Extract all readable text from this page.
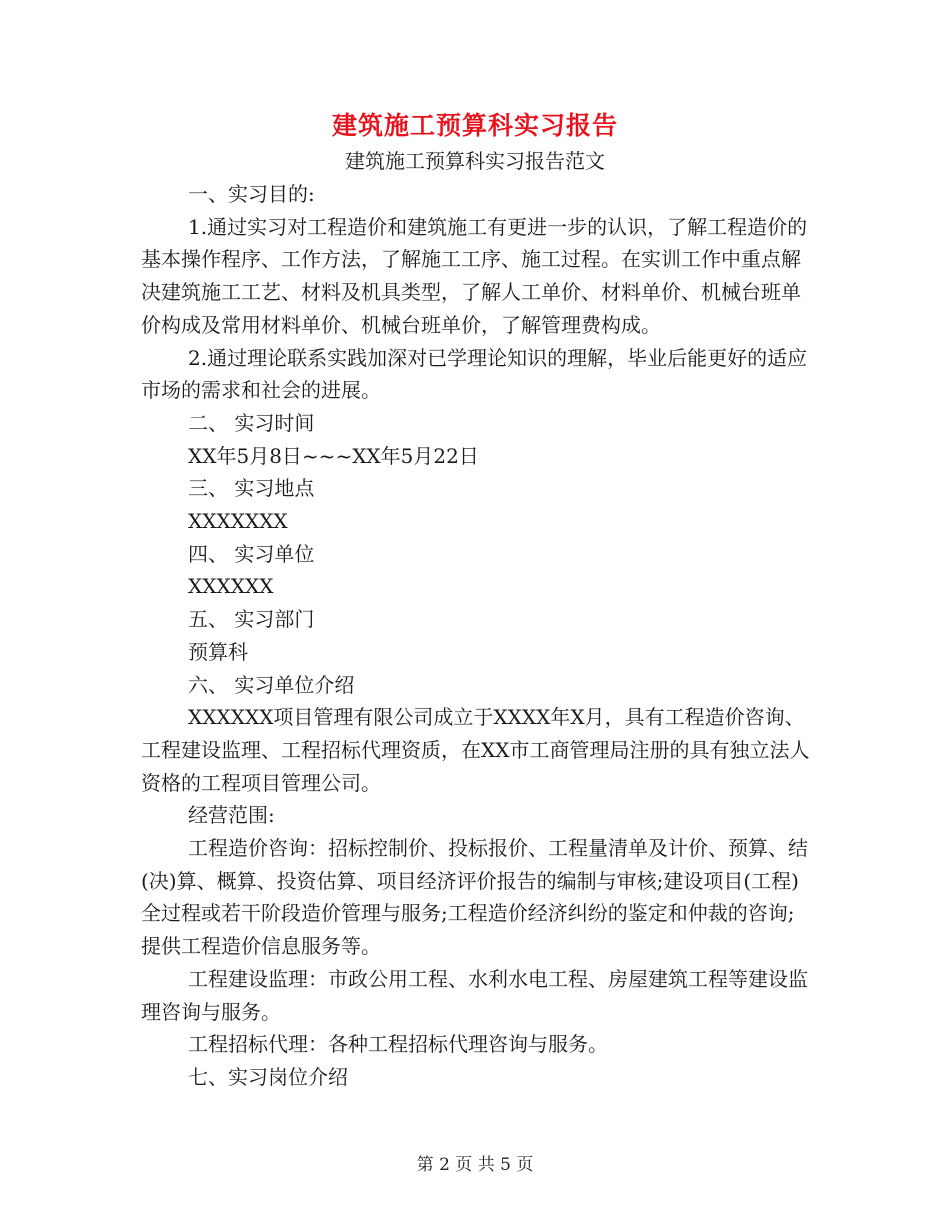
建筑施工预算科实习报告
建筑施工预算科实习报告范文

一、实习目的:

1.通过实习对工程造价和建筑施工有更进一步的认识，了解工程造价的基本操作程序、工作方法，了解施工工序、施工过程。在实训工作中重点解决建筑施工工艺、材料及机具类型，了解人工单价、材料单价、机械台班单价构成及常用材料单价、机械台班单价，了解管理费构成。

2.通过理论联系实践加深对已学理论知识的理解，毕业后能更好的适应市场的需求和社会的进展。

二、 实习时间

XX年5月8日~~~XX年5月22日

三、 实习地点

XXXXXXX

四、 实习单位

XXXXXX

五、 实习部门

预算科

六、 实习单位介绍

XXXXXX项目管理有限公司成立于XXXX年X月，具有工程造价咨询、工程建设监理、工程招标代理资质，在XX市工商管理局注册的具有独立法人资格的工程项目管理公司。

经营范围:

工程造价咨询：招标控制价、投标报价、工程量清单及计价、预算、结(决)算、概算、投资估算、项目经济评价报告的编制与审核;建设项目(工程)全过程或若干阶段造价管理与服务;工程造价经济纠纷的鉴定和仲裁的咨询;提供工程造价信息服务等。

工程建设监理：市政公用工程、水利水电工程、房屋建筑工程等建设监理咨询与服务。

工程招标代理：各种工程招标代理咨询与服务。

七、实习岗位介绍

第 2 页 共 5 页
